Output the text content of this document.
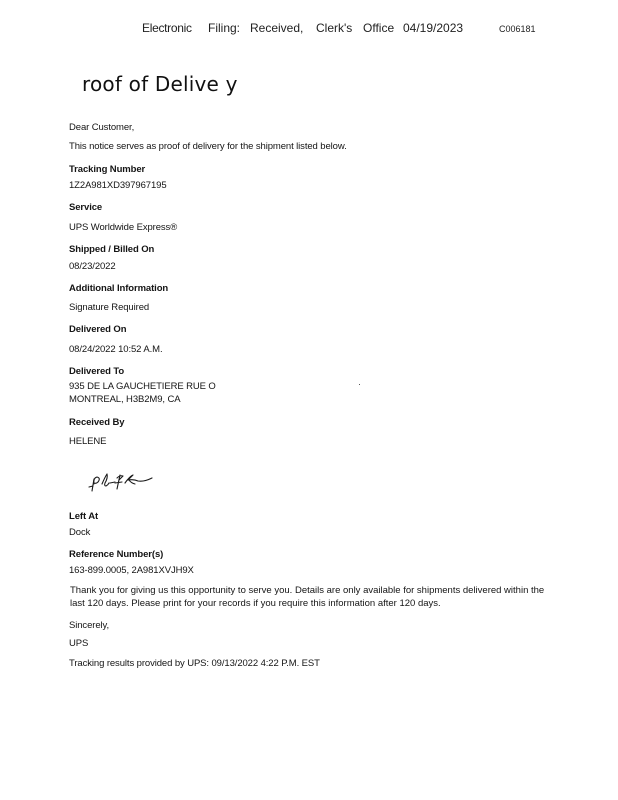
Electronic Filing: Received, Clerk's Office 04/19/2023	C006181
roof of Delive y
Dear Customer,
This notice serves as proof of delivery for the shipment listed below.
Tracking Number
1Z2A981XD397967195
Service
UPS Worldwide Express®
Shipped / Billed On
08/23/2022
Additional Information
Signature Required
Delivered On
08/24/2022 10:52 A.M.
Delivered To
935 DE LA GAUCHETIERE RUE O
MONTREAL, H3B2M9, CA
Received By
HELENE
Left At
Dock
Reference Number(s)
163-899.0005, 2A981XVJH9X
Thank you for giving us this opportunity to serve you. Details are only available for shipments delivered within the last 120 days. Please print for your records if you require this information after 120 days.
Sincerely,
UPS
Tracking results provided by UPS: 09/13/2022 4:22 P.M. EST
